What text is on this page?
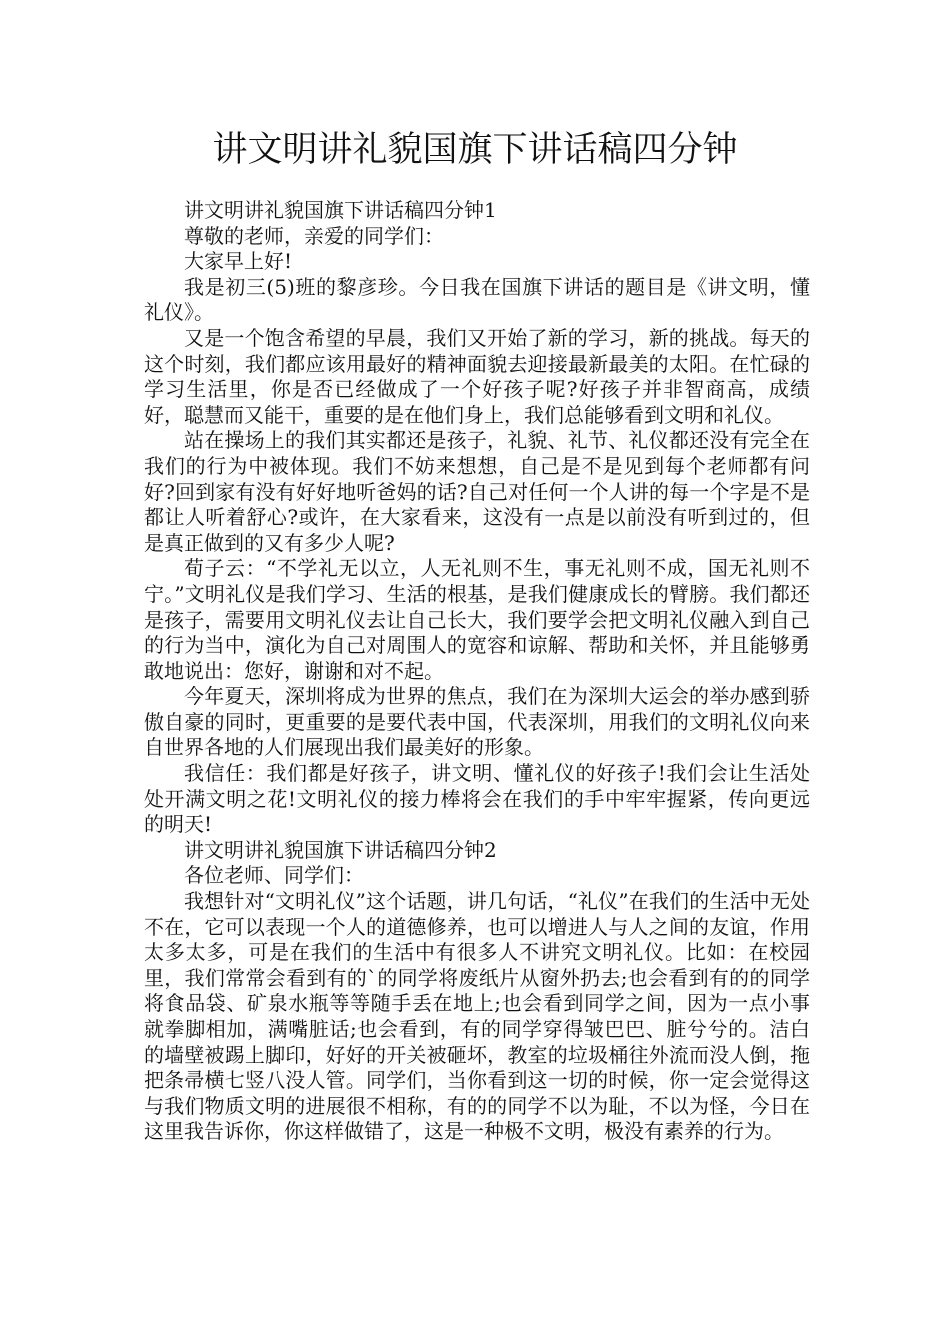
讲文明讲礼貌国旗下讲话稿四分钟

讲文明讲礼貌国旗下讲话稿四分钟1

尊敬的老师，亲爱的同学们：

大家早上好!

我是初三(5)班的黎彦珍。今日我在国旗下讲话的题目是《讲文明，懂礼仪》。

又是一个饱含希望的早晨，我们又开始了新的学习，新的挑战。每天的这个时刻，我们都应该用最好的精神面貌去迎接最新最美的太阳。在忙碌的学习生活里，你是否已经做成了一个好孩子呢?好孩子并非智商高，成绩好，聪慧而又能干，重要的是在他们身上，我们总能够看到文明和礼仪。

站在操场上的我们其实都还是孩子，礼貌、礼节、礼仪都还没有完全在我们的行为中被体现。我们不妨来想想，自己是不是见到每个老师都有问好?回到家有没有好好地听爸妈的话?自己对任何一个人讲的每一个字是不是都让人听着舒心?或许，在大家看来，这没有一点是以前没有听到过的，但是真正做到的又有多少人呢?

荀子云：“不学礼无以立，人无礼则不生，事无礼则不成，国无礼则不宁。”文明礼仪是我们学习、生活的根基，是我们健康成长的臂膀。我们都还是孩子，需要用文明礼仪去让自己长大，我们要学会把文明礼仪融入到自己的行为当中，演化为自己对周围人的宽容和谅解、帮助和关怀，并且能够勇敢地说出：您好，谢谢和对不起。

今年夏天，深圳将成为世界的焦点，我们在为深圳大运会的举办感到骄傲自豪的同时，更重要的是要代表中国，代表深圳，用我们的文明礼仪向来自世界各地的人们展现出我们最美好的形象。

我信任：我们都是好孩子，讲文明、懂礼仪的好孩子!我们会让生活处处开满文明之花!文明礼仪的接力棒将会在我们的手中牢牢握紧，传向更远的明天!

讲文明讲礼貌国旗下讲话稿四分钟2

各位老师、同学们：

我想针对“文明礼仪”这个话题，讲几句话，“礼仪”在我们的生活中无处不在，它可以表现一个人的道德修养，也可以增进人与人之间的友谊，作用太多太多，可是在我们的生活中有很多人不讲究文明礼仪。比如：在校园里，我们常常会看到有的`的同学将废纸片从窗外扔去;也会看到有的的同学将食品袋、矿泉水瓶等等随手丢在地上;也会看到同学之间，因为一点小事就拳脚相加，满嘴脏话;也会看到，有的同学穿得皱巴巴、脏兮兮的。洁白的墙壁被踢上脚印，好好的开关被砸坏，教室的垃圾桶往外流而没人倒，拖把条帚横七竖八没人管。同学们，当你看到这一切的时候，你一定会觉得这与我们物质文明的进展很不相称，有的的同学不以为耻，不以为怪，今日在这里我告诉你，你这样做错了，这是一种极不文明，极没有素养的行为。
